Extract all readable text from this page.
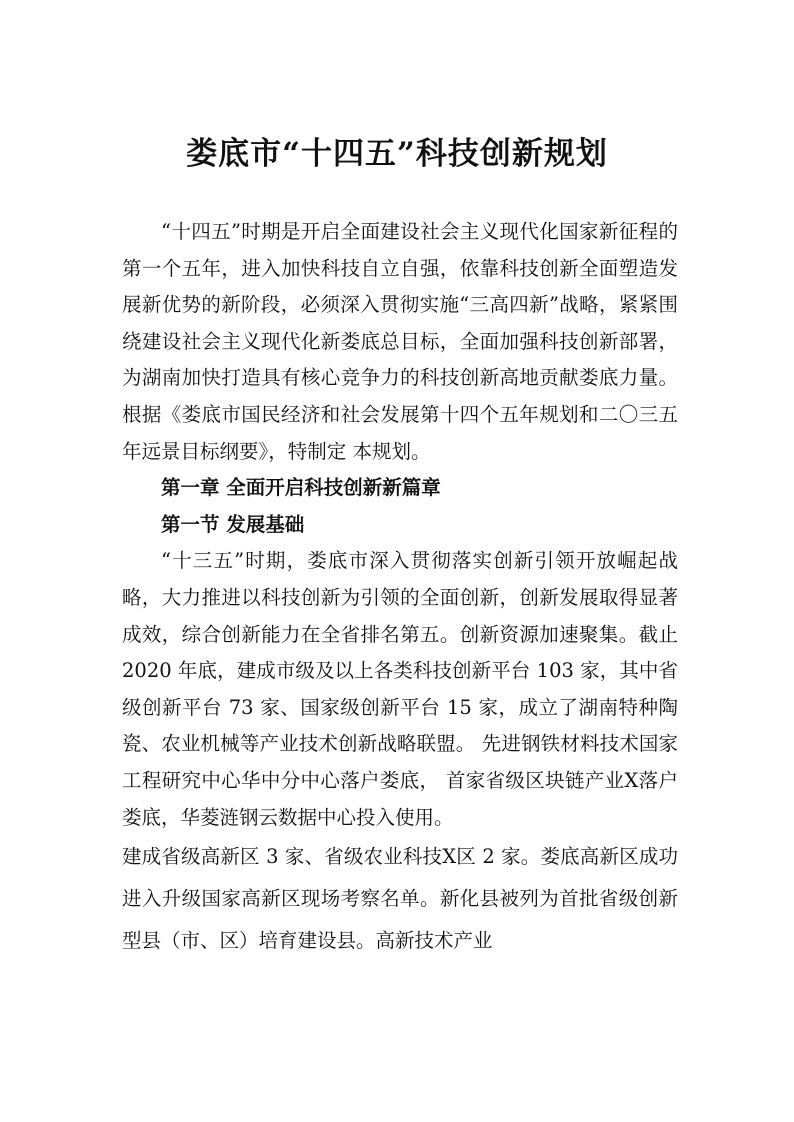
娄底市“十四五”科技创新规划

“十四五”时期是开启全面建设社会主义现代化国家新征程的第一个五年，进入加快科技自立自强，依靠科技创新全面塑造发展新优势的新阶段，必须深入贯彻实施“三高四新”战略，紧紧围绕建设社会主义现代化新娄底总目标，全面加强科技创新部署，为湖南加快打造具有核心竞争力的科技创新高地贡献娄底力量。根据《娄底市国民经济和社会发展第十四个五年规划和二〇三五年远景目标纲要》，特制定 本规划。

第一章 全面开启科技创新新篇章

第一节 发展基础

“十三五”时期，娄底市深入贯彻落实创新引领开放崛起战略，大力推进以科技创新为引领的全面创新，创新发展取得显著成效，综合创新能力在全省排名第五。创新资源加速聚集。截止 2020 年底，建成市级及以上各类科技创新平台 103 家，其中省级创新平台 73 家、国家级创新平台 15 家，成立了湖南特种陶瓷、农业机械等产业技术创新战略联盟。 先进钢铁材料技术国家工程研究中心华中分中心落户娄底， 首家省级区块链产业X落户娄底，华菱涟钢云数据中心投入使用。

建成省级高新区 3 家、省级农业科技X区 2 家。娄底高新区成功进入升级国家高新区现场考察名单。新化县被列为首批省级创新型县（市、区）培育建设县。高新技术产业
